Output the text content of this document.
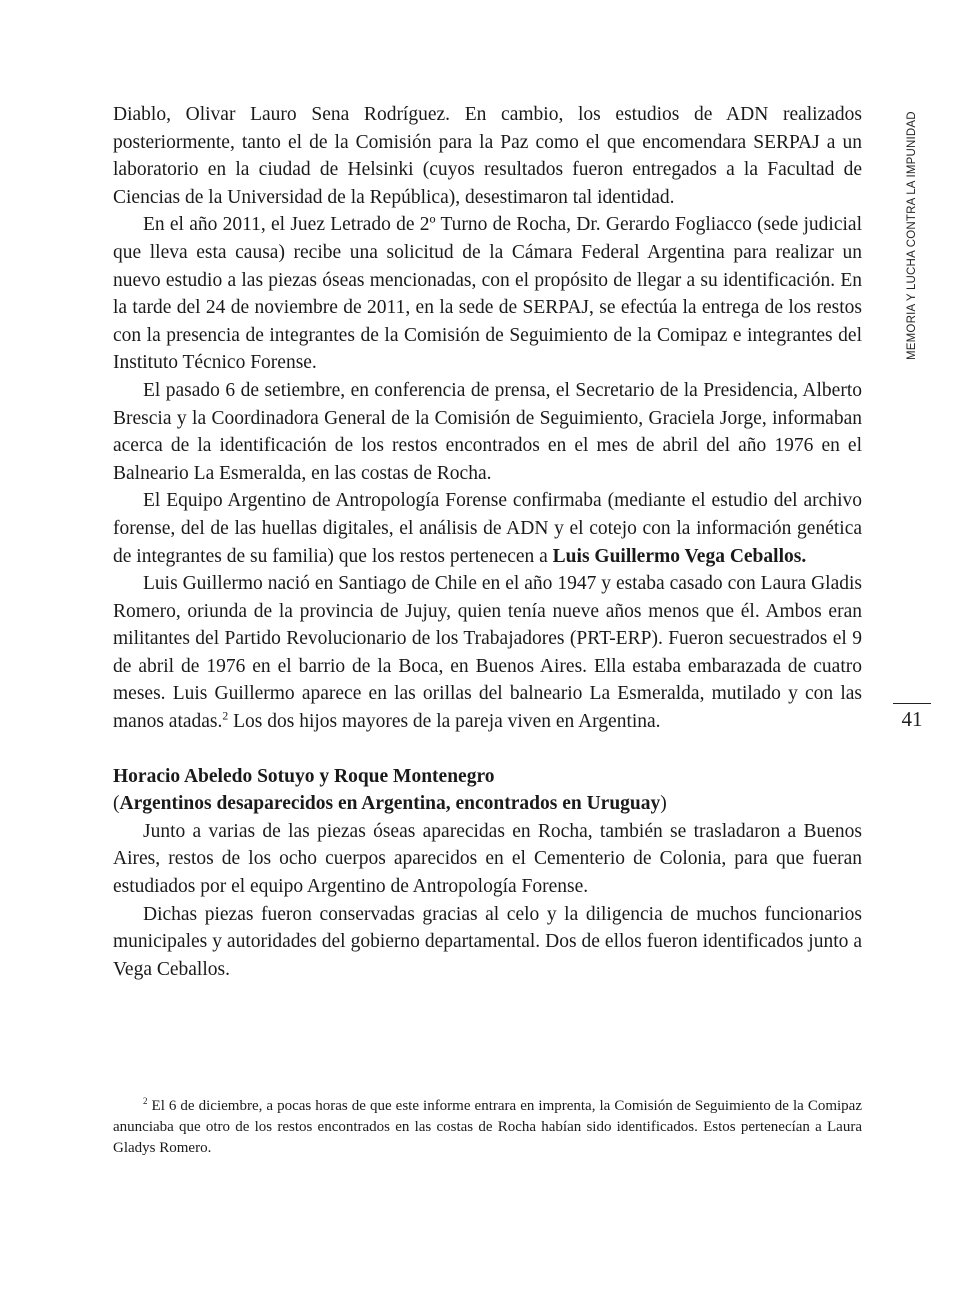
MEMORIA Y LUCHA CONTRA LA IMPUNIDAD
41

Diablo, Olivar Lauro Sena Rodríguez. En cambio, los estudios de ADN realizados posteriormente, tanto el de la Comisión para la Paz como el que encomendara SERPAJ a un laboratorio en la ciudad de Helsinki (cuyos resultados fueron entregados a la Facultad de Ciencias de la Universidad de la República), desestimaron tal identidad.

En el año 2011, el Juez Letrado de 2º Turno de Rocha, Dr. Gerardo Fogliacco (sede judicial que lleva esta causa) recibe una solicitud de la Cámara Federal Argentina para realizar un nuevo estudio a las piezas óseas mencionadas, con el propósito de llegar a su identificación. En la tarde del 24 de noviembre de 2011, en la sede de SERPAJ, se efectúa la entrega de los restos con la presencia de integrantes de la Comisión de Seguimiento de la Comipaz e integrantes del Instituto Técnico Forense.

El pasado 6 de setiembre, en conferencia de prensa, el Secretario de la Presidencia, Alberto Brescia y la Coordinadora General de la Comisión de Seguimiento, Graciela Jorge, informaban acerca de la identificación de los restos encontrados en el mes de abril del año 1976 en el Balneario La Esmeralda, en las costas de Rocha.

El Equipo Argentino de Antropología Forense confirmaba (mediante el estudio del archivo forense, del de las huellas digitales, el análisis de ADN y el cotejo con la información genética de integrantes de su familia) que los restos pertenecen a Luis Guillermo Vega Ceballos.

Luis Guillermo nació en Santiago de Chile en el año 1947 y estaba casado con Laura Gladis Romero, oriunda de la provincia de Jujuy, quien tenía nueve años menos que él. Ambos eran militantes del Partido Revolucionario de los Trabajadores (PRT-ERP). Fueron secuestrados el 9 de abril de 1976 en el barrio de la Boca, en Buenos Aires. Ella estaba embarazada de cuatro meses. Luis Guillermo aparece en las orillas del balneario La Esmeralda, mutilado y con las manos atadas.$^2$ Los dos hijos mayores de la pareja viven en Argentina.

Horacio Abeledo Sotuyo y Roque Montenegro

(Argentinos desaparecidos en Argentina, encontrados en Uruguay)

Junto a varias de las piezas óseas aparecidas en Rocha, también se trasladaron a Buenos Aires, restos de los ocho cuerpos aparecidos en el Cementerio de Colonia, para que fueran estudiados por el equipo Argentino de Antropología Forense.

Dichas piezas fueron conservadas gracias al celo y la diligencia de muchos funcionarios municipales y autoridades del gobierno departamental. Dos de ellos fueron identificados junto a Vega Ceballos.

$^2$ El 6 de diciembre, a pocas horas de que este informe entrara en imprenta, la Comisión de Seguimiento de la Comipaz anunciaba que otro de los restos encontrados en las costas de Rocha habían sido identificados. Estos pertenecían a Laura Gladys Romero.
